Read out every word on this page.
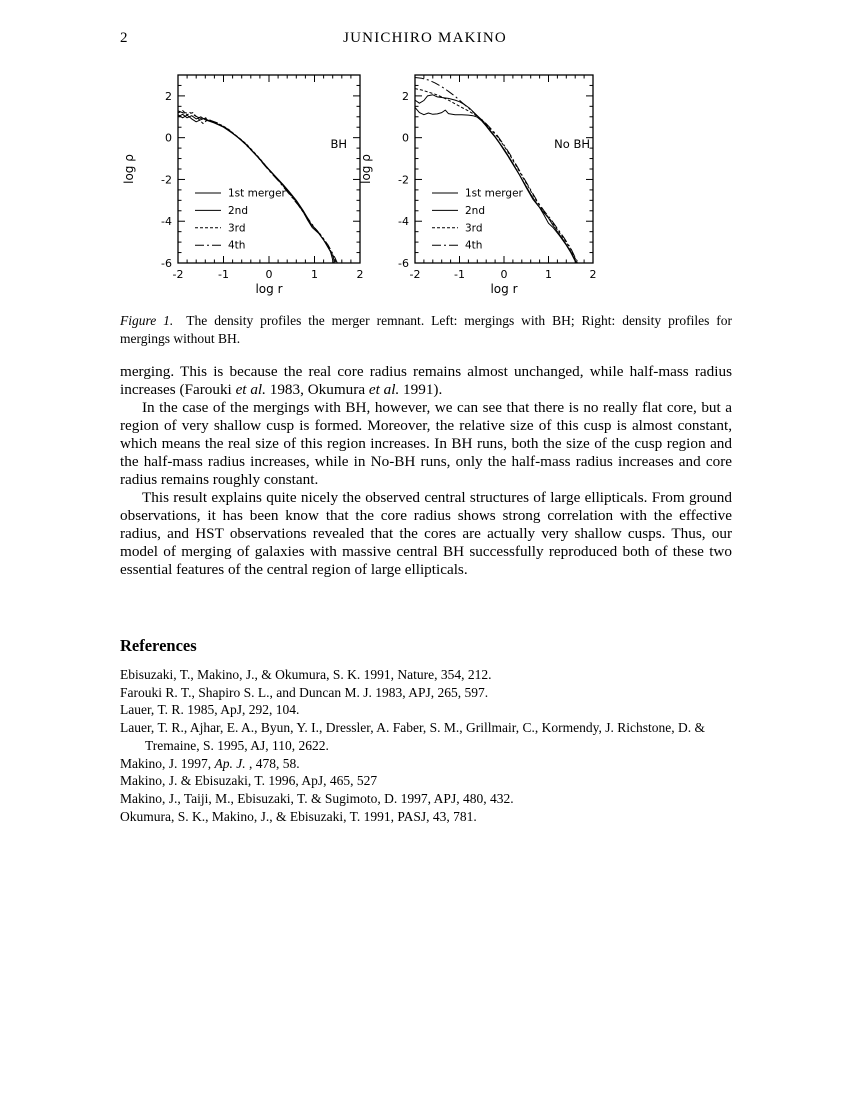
2	JUNICHIRO MAKINO
-2	-1	0	1	2
-6
-4
-2
0
2
log r
log ρ
BH
1st merger
2nd
3rd
4th
-2	-1	0	1	2
-6
-4
-2
0
2
log r
log ρ
No BH
1st merger
2nd
3rd
4th
Figure 1. The density profiles the merger remnant. Left: mergings with BH; Right: density profiles for mergings without BH.

merging. This is because the real core radius remains almost unchanged, while half-mass radius increases (Farouki et al. 1983, Okumura et al. 1991).

In the case of the mergings with BH, however, we can see that there is no really flat core, but a region of very shallow cusp is formed. Moreover, the relative size of this cusp is almost constant, which means the real size of this region increases. In BH runs, both the size of the cusp region and the half-mass radius increases, while in No-BH runs, only the half-mass radius increases and core radius remains roughly constant.

This result explains quite nicely the observed central structures of large ellipticals. From ground observations, it has been know that the core radius shows strong correlation with the effective radius, and HST observations revealed that the cores are actually very shallow cusps. Thus, our model of merging of galaxies with massive central BH successfully reproduced both of these two essential features of the central region of large ellipticals.

References
Ebisuzaki, T., Makino, J., & Okumura, S. K. 1991, Nature, 354, 212.
Farouki R. T., Shapiro S. L., and Duncan M. J. 1983, APJ, 265, 597.
Lauer, T. R. 1985, ApJ, 292, 104.
Lauer, T. R., Ajhar, E. A., Byun, Y. I., Dressler, A. Faber, S. M., Grillmair, C., Kormendy, J. Richstone, D. & Tremaine, S. 1995, AJ, 110, 2622.
Makino, J. 1997, Ap. J. , 478, 58.
Makino, J. & Ebisuzaki, T. 1996, ApJ, 465, 527
Makino, J., Taiji, M., Ebisuzaki, T. & Sugimoto, D. 1997, APJ, 480, 432.
Okumura, S. K., Makino, J., & Ebisuzaki, T. 1991, PASJ, 43, 781.
